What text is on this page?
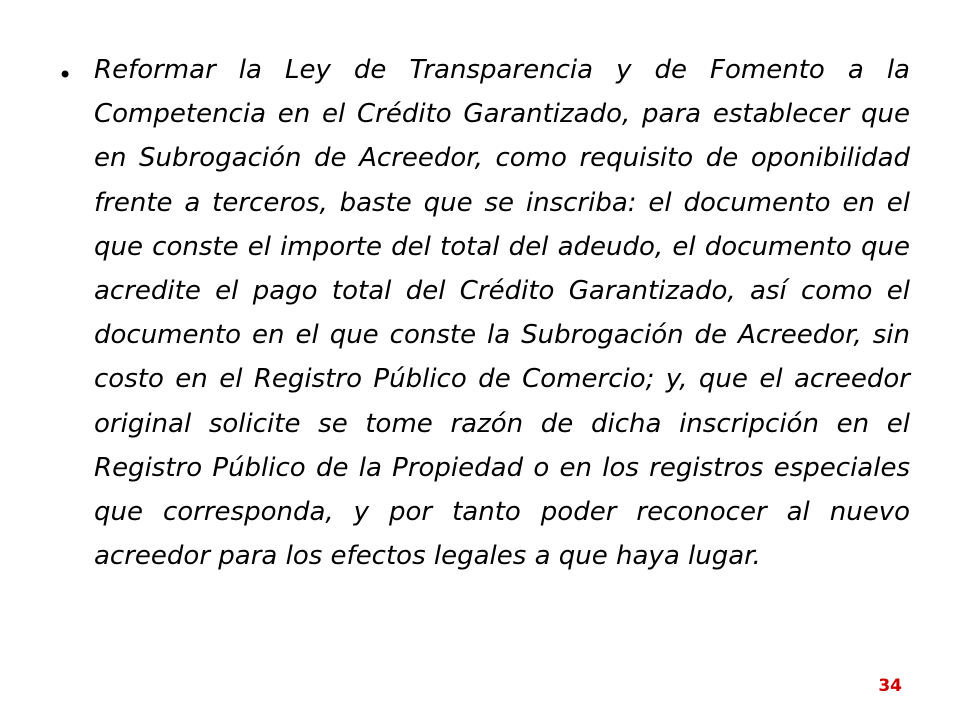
• Reformar la Ley de Transparencia y de Fomento a la Competencia en el Crédito Garantizado, para establecer que en Subrogación de Acreedor, como requisito de oponibilidad frente a terceros, baste que se inscriba: el documento en el que conste el importe del total del adeudo, el documento que acredite el pago total del Crédito Garantizado, así como el documento en el que conste la Subrogación de Acreedor, sin costo en el Registro Público de Comercio; y, que el acreedor original solicite se tome razón de dicha inscripción en el Registro Público de la Propiedad o en los registros especiales que corresponda, y por tanto poder reconocer al nuevo acreedor para los efectos legales a que haya lugar.

34
